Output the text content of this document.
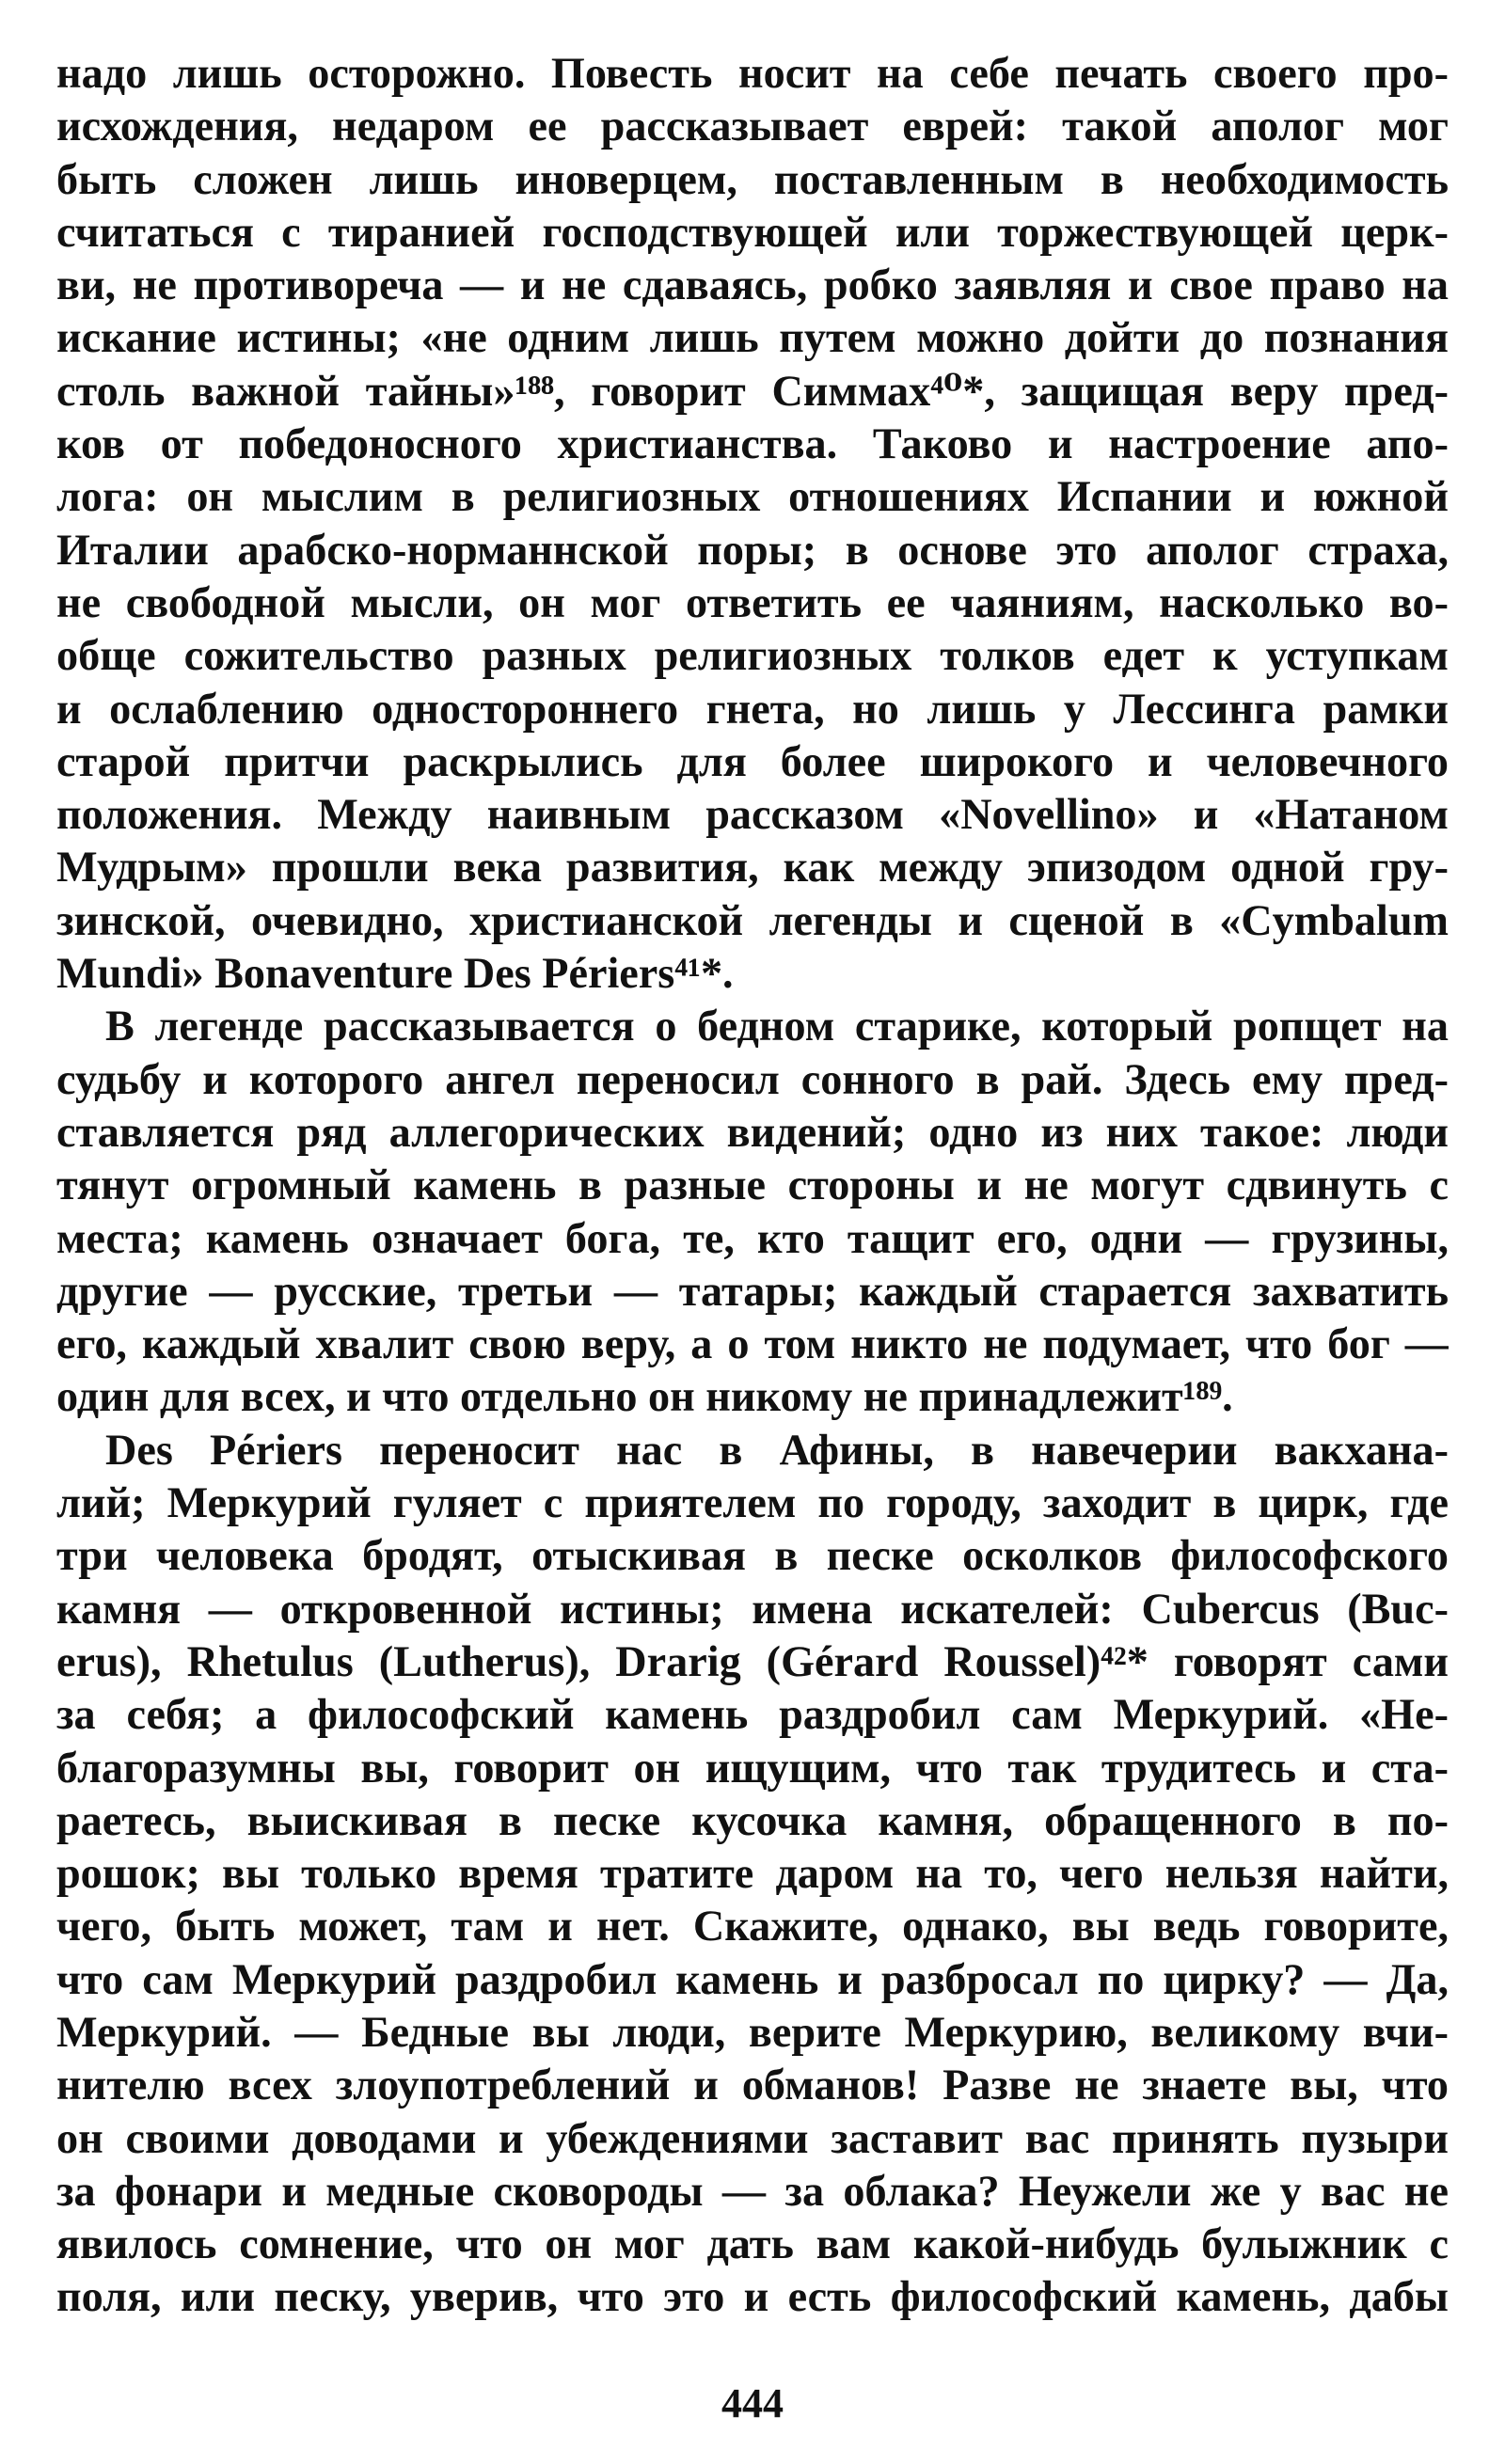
надо лишь осторожно. Повесть носит на себе печать своего про-
исхождения, недаром ее рассказывает еврей: такой аполог мог
быть сложен лишь иноверцем, поставленным в необходимость
считаться с тиранией господствующей или торжествующей церк-
ви, не противореча — и не сдаваясь, робко заявляя и свое право на
искание истины; «не одним лишь путем можно дойти до познания
столь важной тайны»¹⁸⁸, говорит Симмах⁴⁰*, защищая веру пред-
ков от победоносного христианства. Таково и настроение апо-
лога: он мыслим в религиозных отношениях Испании и южной
Италии арабско-норманнской поры; в основе это аполог страха,
не свободной мысли, он мог ответить ее чаяниям, насколько во-
обще сожительство разных религиозных толков едет к уступкам
и ослаблению одностороннего гнета, но лишь у Лессинга рамки
старой притчи раскрылись для более широкого и человечного
положения. Между наивным рассказом «Novellino» и «Натаном
Мудрым» прошли века развития, как между эпизодом одной гру-
зинской, очевидно, христианской легенды и сценой в «Cymbalum
Mundi» Bonaventure Des Périers⁴¹*.
В легенде рассказывается о бедном старике, который ропщет на
судьбу и которого ангел переносил сонного в рай. Здесь ему пред-
ставляется ряд аллегорических видений; одно из них такое: люди
тянут огромный камень в разные стороны и не могут сдвинуть с
места; камень означает бога, те, кто тащит его, одни — грузины,
другие — русские, третьи — татары; каждый старается захватить
его, каждый хвалит свою веру, а о том никто не подумает, что бог —
один для всех, и что отдельно он никому не принадлежит¹⁸⁹.
Des Périers переносит нас в Афины, в навечерии вакхана-
лий; Меркурий гуляет с приятелем по городу, заходит в цирк, где
три человека бродят, отыскивая в песке осколков философского
камня — откровенной истины; имена искателей: Cubercus (Buc-
erus), Rhetulus (Lutherus), Drarig (Gérard Roussel)⁴²* говорят сами
за себя; а философский камень раздробил сам Меркурий. «Не-
благоразумны вы, говорит он ищущим, что так трудитесь и ста-
раетесь, выискивая в песке кусочка камня, обращенного в по-
рошок; вы только время тратите даром на то, чего нельзя найти,
чего, быть может, там и нет. Скажите, однако, вы ведь говорите,
что сам Меркурий раздробил камень и разбросал по цирку? — Да,
Меркурий. — Бедные вы люди, верите Меркурию, великому вчи-
нителю всех злоупотреблений и обманов! Разве не знаете вы, что
он своими доводами и убеждениями заставит вас принять пузыри
за фонари и медные сковороды — за облака? Неужели же у вас не
явилось сомнение, что он мог дать вам какой-нибудь булыжник с
поля, или песку, уверив, что это и есть философский камень, дабы
444
